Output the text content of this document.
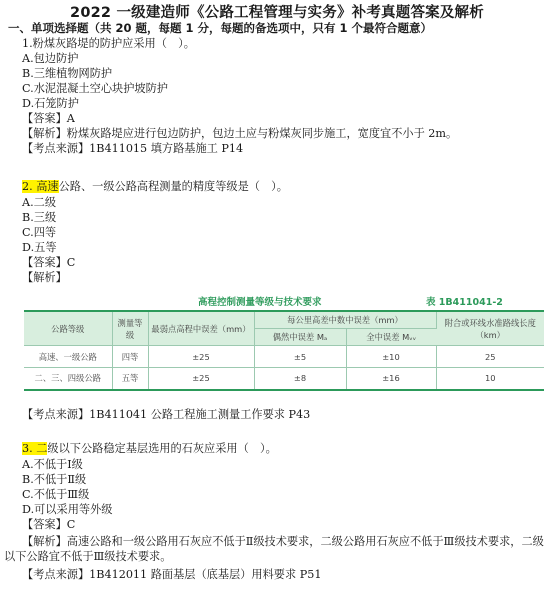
2022 一级建造师《公路工程管理与实务》补考真题答案及解析
一、单项选择题（共 20 题，每题 1 分，每题的备选项中，只有 1 个最符合题意）
1.粉煤灰路堤的防护应采用（　）。
A.包边防护
B.三维植物网防护
C.水泥混凝土空心块护坡防护
D.石笼防护
【答案】A
【解析】粉煤灰路堤应进行包边防护，包边土应与粉煤灰同步施工，宽度宜不小于 2m。
【考点来源】1B411015 填方路基施工 P14
2. 高速公路、一级公路高程测量的精度等级是（　）。
A.二级
B.三级
C.四等
D.五等
【答案】C
【解析】
高程控制测量等级与技术要求	表 1B411041-2
公路等级	测量等级	最弱点高程中误差（mm）	每公里高差中数中误差（mm）		附合或环线水准路线长度（km）
			偶然中误差 Mₐ	全中误差 Mᵥᵥ	
高速、一级公路	四等	±25	±5	±10	25
二、三、四级公路	五等	±25	±8	±16	10
【考点来源】1B411041 公路工程施工测量工作要求 P43
3. 二级以下公路稳定基层选用的石灰应采用（　）。
A.不低于Ⅰ级
B.不低于Ⅱ级
C.不低于Ⅲ级
D.可以采用等外级
【答案】C
【解析】高速公路和一级公路用石灰应不低于Ⅱ级技术要求，二级公路用石灰应不低于Ⅲ级技术要求，二级以下公路宜不低于Ⅲ级技术要求。
【考点来源】1B412011 路面基层（底基层）用料要求 P51
